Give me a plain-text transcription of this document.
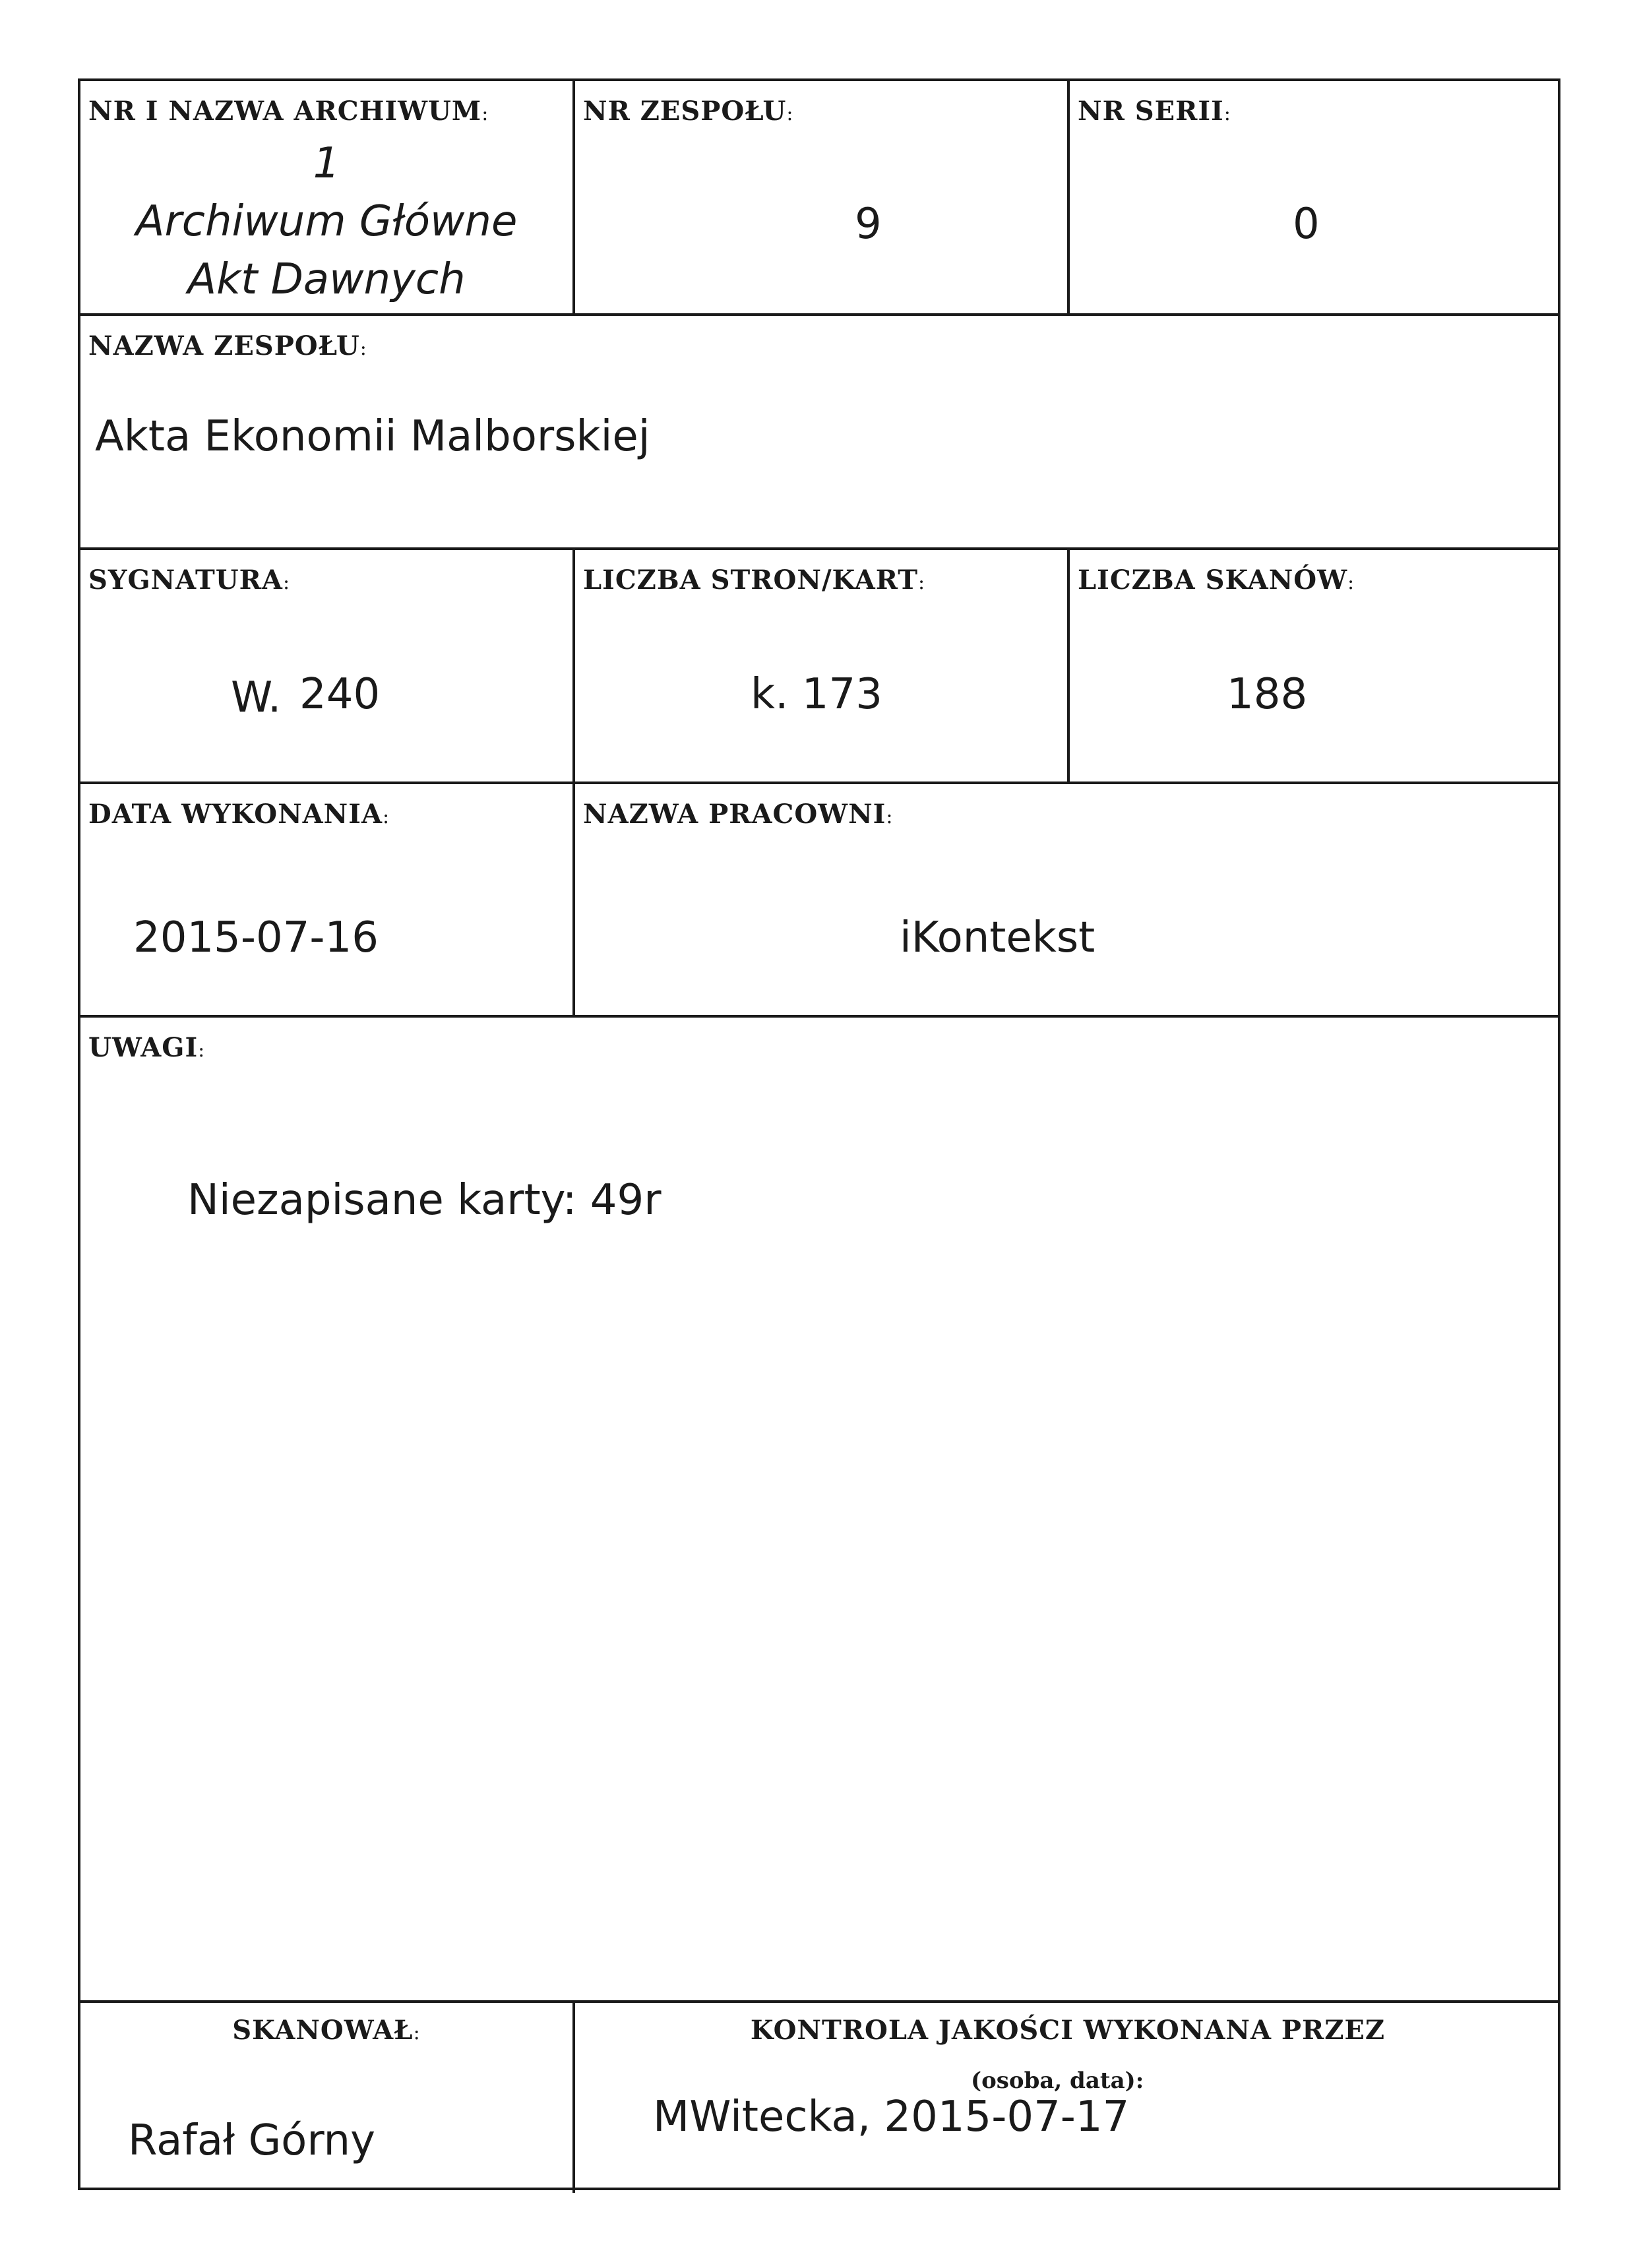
NR I NAZWA ARCHIWUM:
1
Archiwum Główne
Akt Dawnych
NR ZESPOŁU:
9
NR SERII:
0
NAZWA ZESPOŁU:
Akta Ekonomii Malborskiej
SYGNATURA:
W. 240
LICZBA STRON/KART:
k. 173
LICZBA SKANÓW:
188
DATA WYKONANIA:
2015-07-16
NAZWA PRACOWNI:
iKontekst
UWAGI:
Niezapisane karty: 49r
SKANOWAŁ:
Rafał Górny
KONTROLA JAKOŚCI WYKONANA PRZEZ
(osoba, data):
MWitecka, 2015-07-17
